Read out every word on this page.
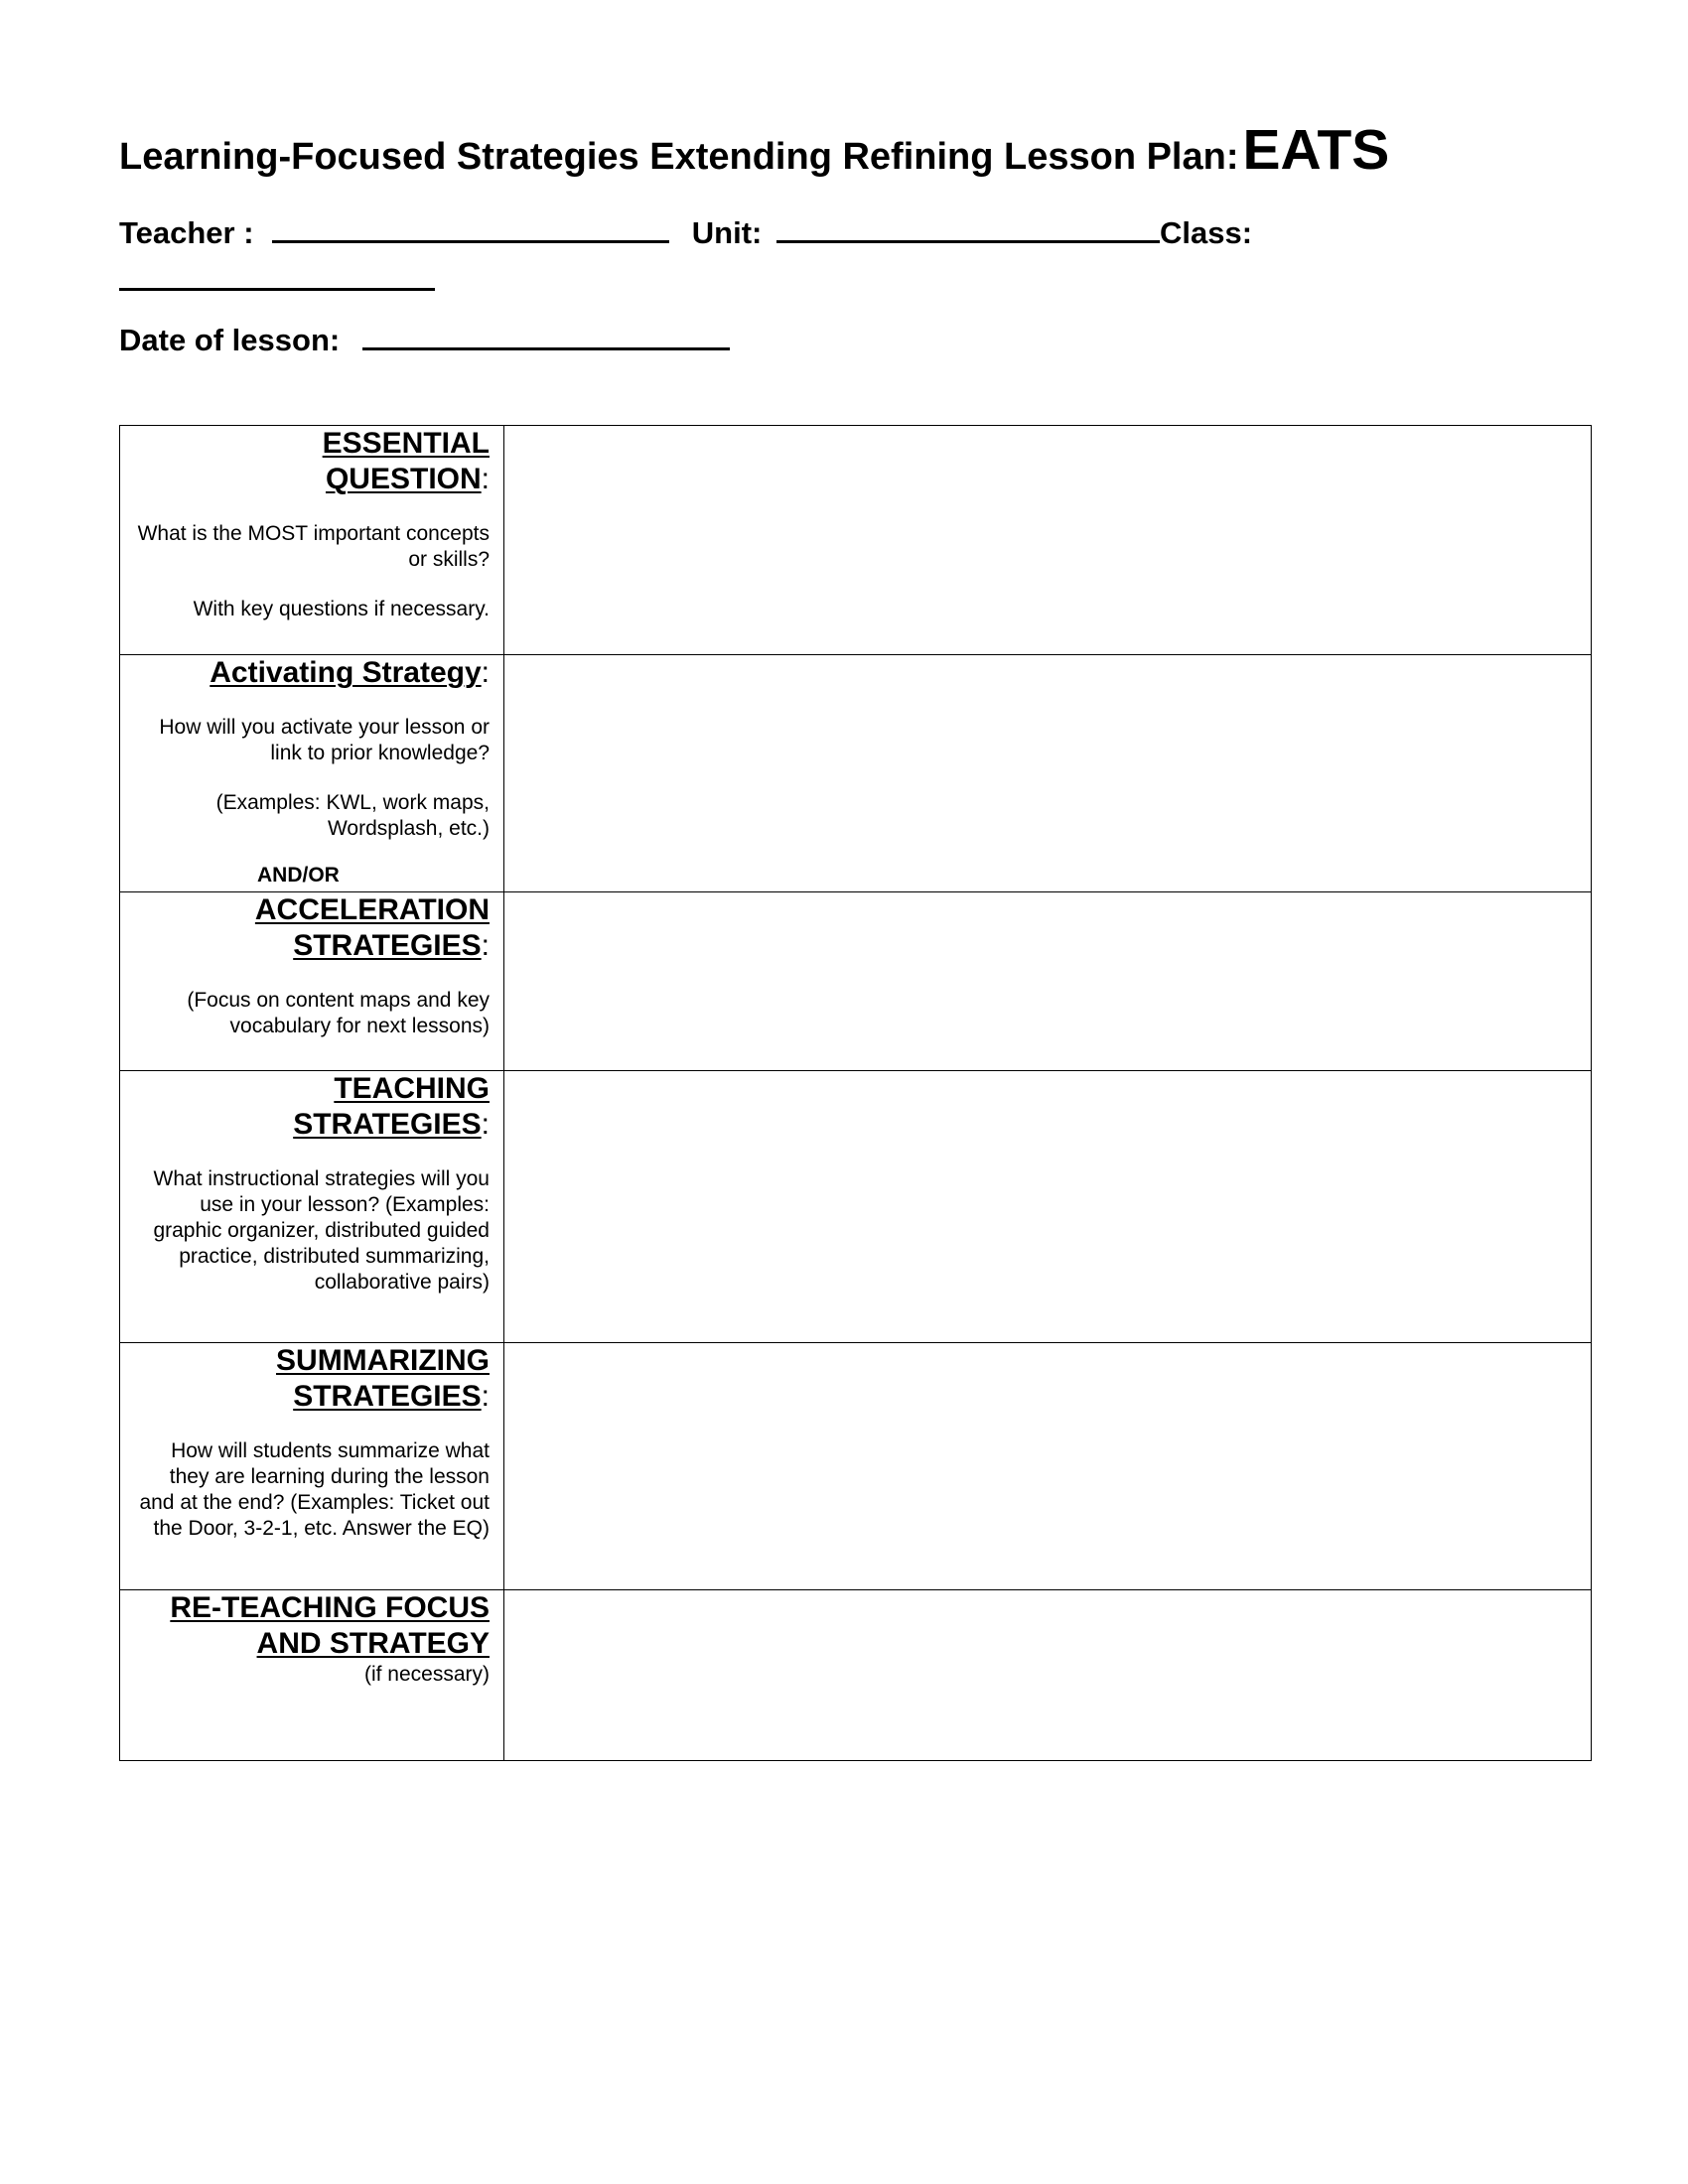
Learning-Focused Strategies Extending Refining Lesson Plan:EATS
Teacher :	Unit:	Class:
Date of lesson:
ESSENTIAL
QUESTION:
What is the MOST important concepts or skills?
With key questions if necessary.	

Activating Strategy:
How will you activate your lesson or link to prior knowledge?
(Examples: KWL, work maps, Wordsplash, etc.)
AND/OR	

ACCELERATION
STRATEGIES:
(Focus on content maps and key vocabulary for next lessons)	

TEACHING
STRATEGIES:
What instructional strategies will you use in your lesson? (Examples: graphic organizer, distributed guided practice, distributed summarizing, collaborative pairs)	

SUMMARIZING
STRATEGIES:
How will students summarize what they are learning during the lesson and at the end? (Examples: Ticket out the Door, 3-2-1, etc. Answer the EQ)	

RE-TEACHING FOCUS
AND STRATEGY
(if necessary)	
